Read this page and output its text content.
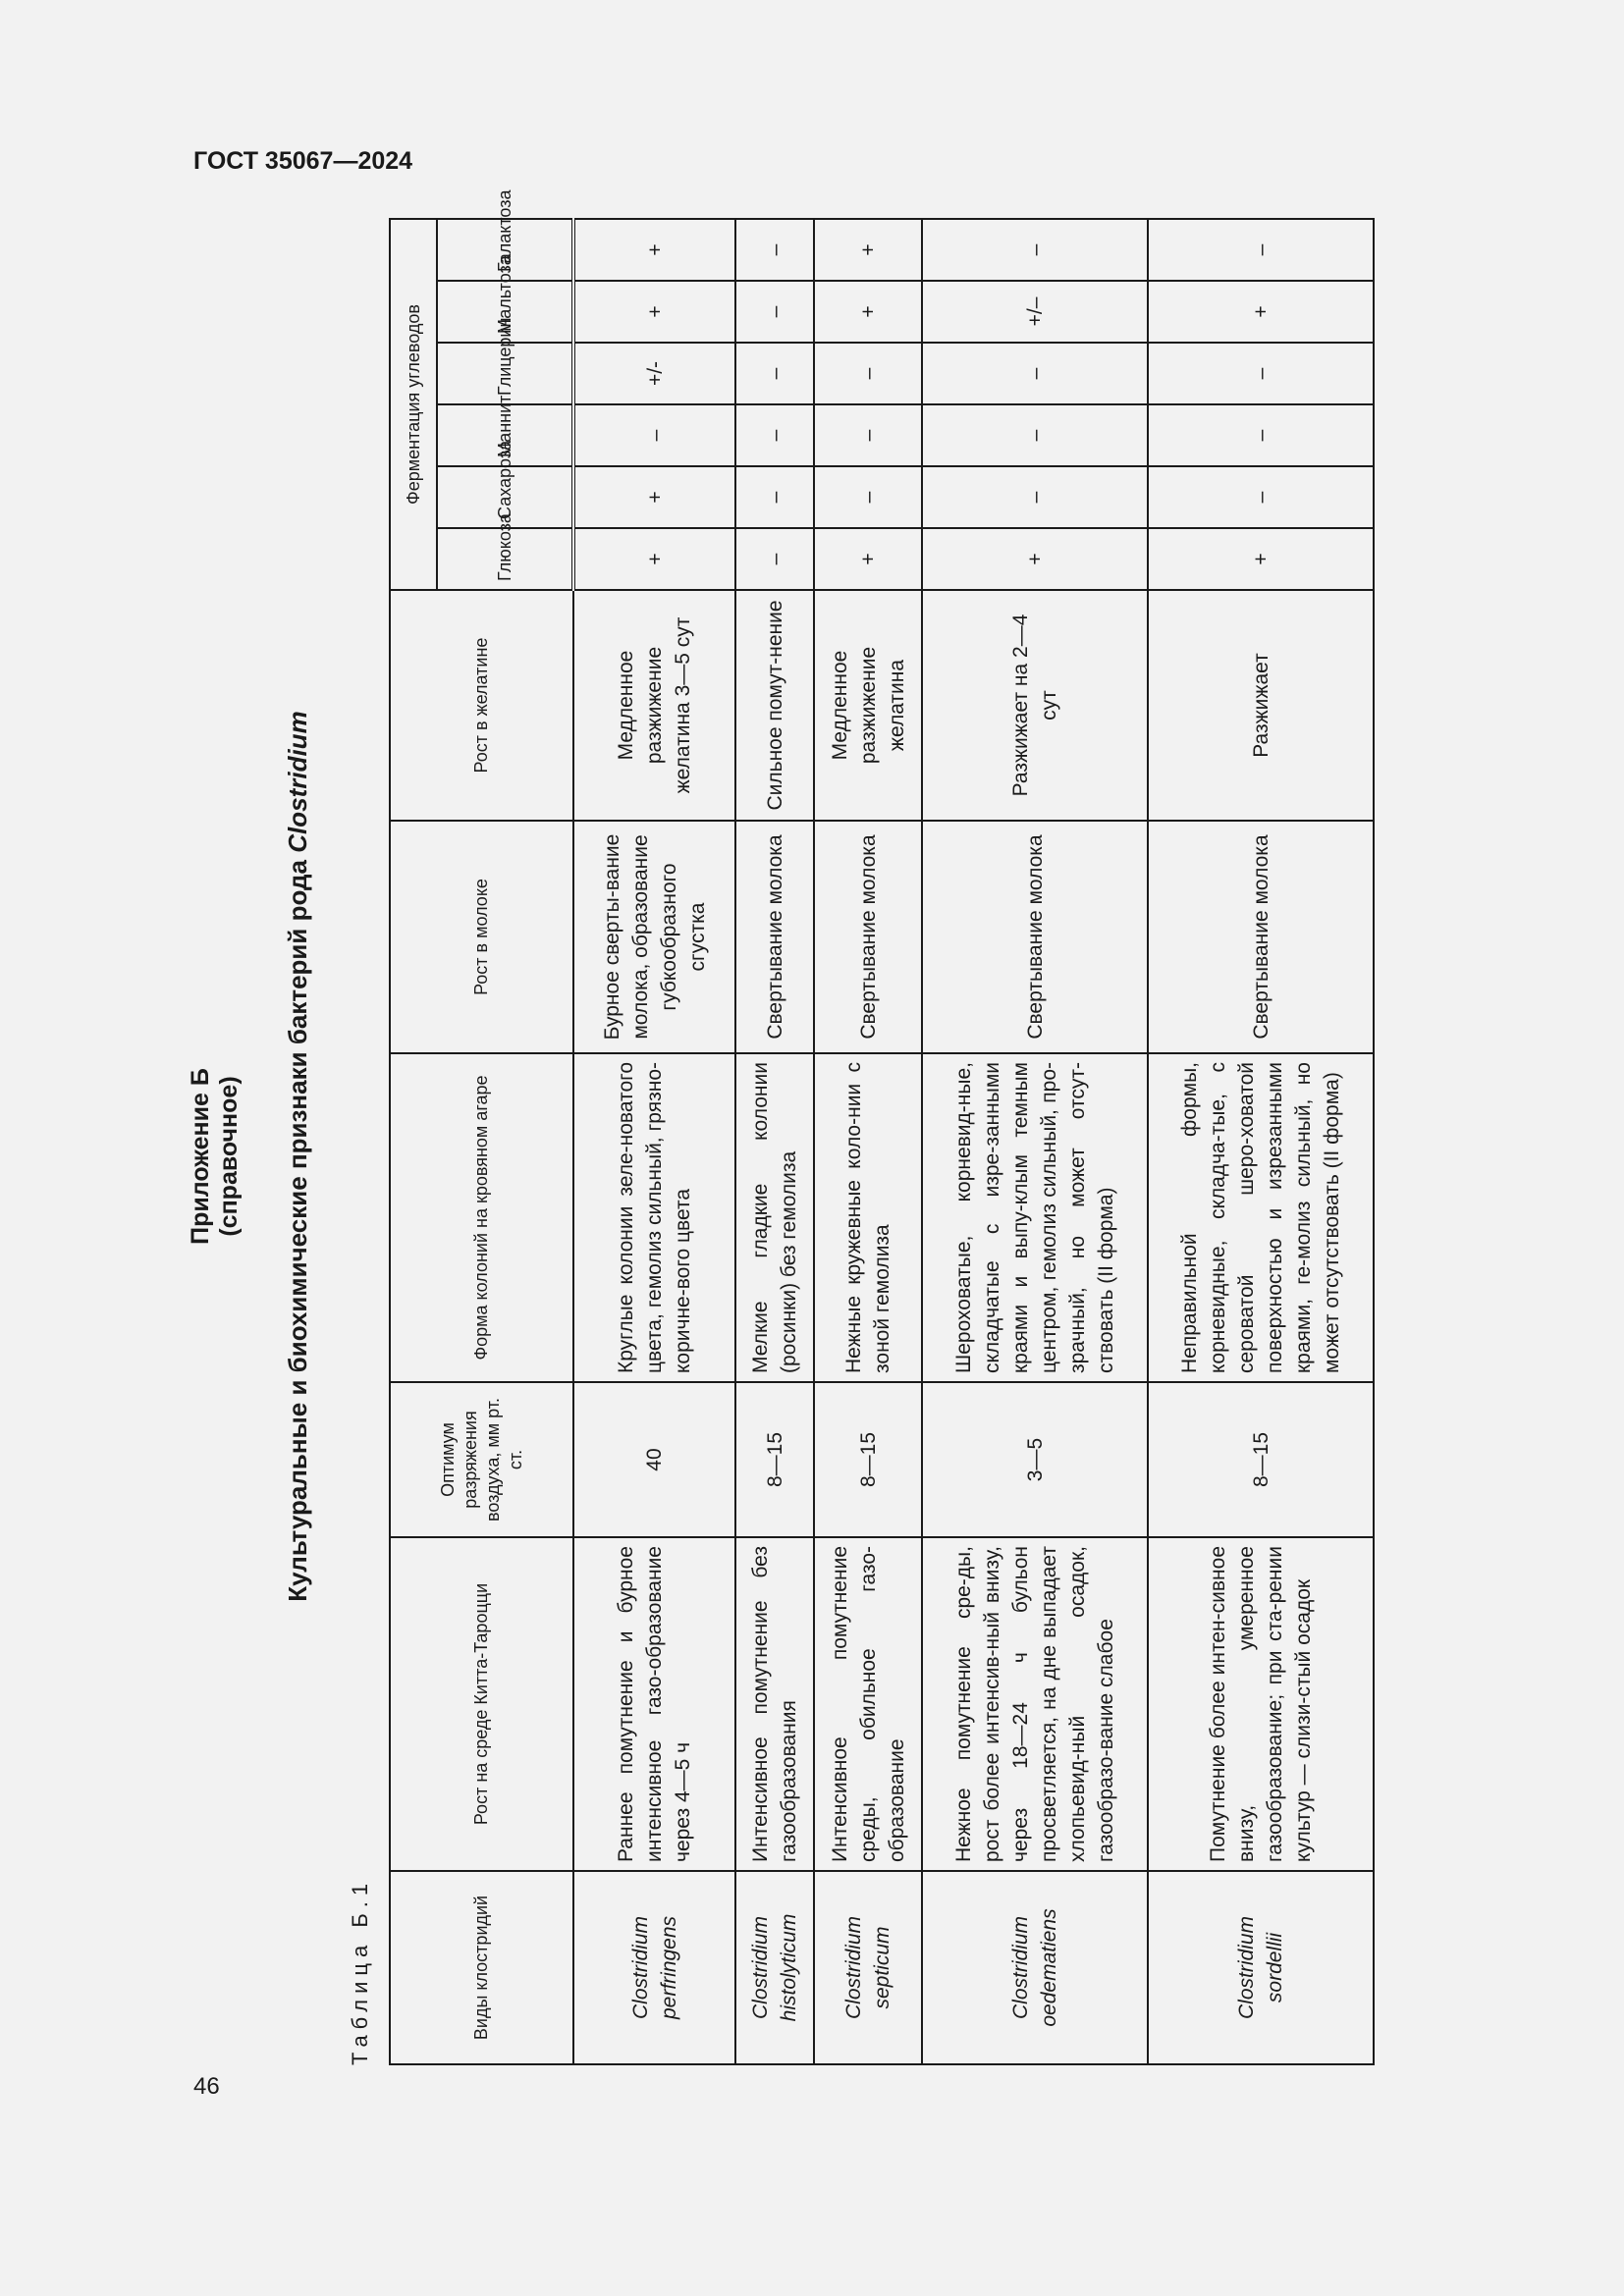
ГОСТ 35067—2024
46
Приложение Б (справочное) Культуральные и биохимические признаки бактерий рода Clostridium
Таблица Б.1	Виды клостридий	Рост на среде Китта-Тароцци	Оптимум разряжения воздуха, мм рт. ст.	Форма колоний на кровяном агаре	Рост в молоке	Рост в желатине	Ферментация углеводов					
						Глюкоза	Сахароза	Маннит	Глицерин	Мальтоза	Галактоза
Clostridium perfringens	Раннее помутнение и бурное интенсивное газо-образование через 4—5 ч	40	Круглые колонии зеле-новатого цвета, гемолиз сильный, грязно-коричне-вого цвета	Бурное сверты-вание молока, образование губкообразного сгустка	Медленное разжижение желатина 3—5 сут	+	+	–	+/-	+	+
Clostridium histolyticum	Интенсивное помутнение без газообразования	8—15	Мелкие гладкие колонии (росинки) без гемолиза	Свертывание молока	Сильное помут-нение	–	–	–	–	–	–
Clostridium septicum	Интенсивное помутнение среды, обильное газо-образование	8—15	Нежные кружевные коло-нии с зоной гемолиза	Свертывание молока	Медленное разжижение желатина	+	–	–	–	+	+
Clostridium oedematiens	Нежное помутнение сре-ды, рост более интенсив-ный внизу, через 18—24 ч бульон просветляется, на дне выпадает хлопьевид-ный осадок, газообразо-вание слабое	3—5	Шероховатые, корневид-ные, складчатые с изре-занными краями и выпу-клым темным центром, гемолиз сильный, про-зрачный, но может отсут-ствовать (II форма)	Свертывание молока	Разжижает на 2—4 сут	+	–	–	–	+/–	–
Clostridium sordellii	Помутнение более интен-сивное внизу, умеренное газообразование; при ста-рении культур — слизи-стый осадок	8—15	Неправильной формы, корневидные, складча-тые, с сероватой шеро-ховатой поверхностью и изрезанными краями, ге-молиз сильный, но может отсутствовать (II форма)	Свертывание молока	Разжижает	+	–	–	–	+	–
